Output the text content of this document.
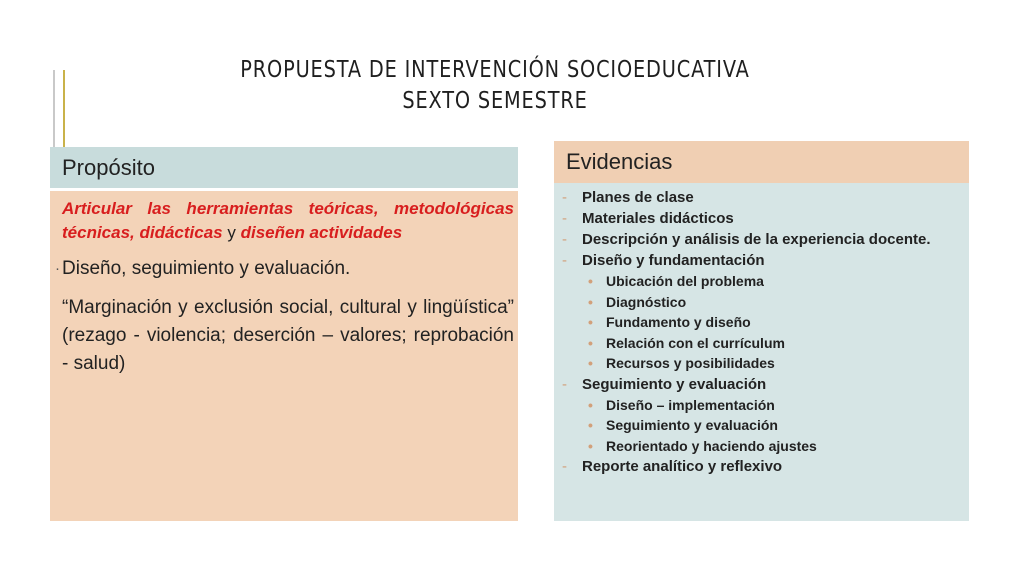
PROPUESTA DE INTERVENCIÓN SOCIOEDUCATIVA
SEXTO SEMESTRE
Propósito

Articular las herramientas teóricas, metodológicas técnicas, didácticas y diseñen actividades

· Diseño, seguimiento y evaluación.

“Marginación y exclusión social, cultural y lingüística” (rezago - violencia; deserción – valores; reprobación - salud)

Evidencias
- Planes de clase
- Materiales didácticos
- Descripción y análisis de la experiencia docente.
- Diseño y fundamentación
• Ubicación del problema
• Diagnóstico
• Fundamento y diseño
• Relación con el currículum
• Recursos y posibilidades
- Seguimiento y evaluación
• Diseño – implementación
• Seguimiento y evaluación
• Reorientado y haciendo ajustes
- Reporte analítico y reflexivo
